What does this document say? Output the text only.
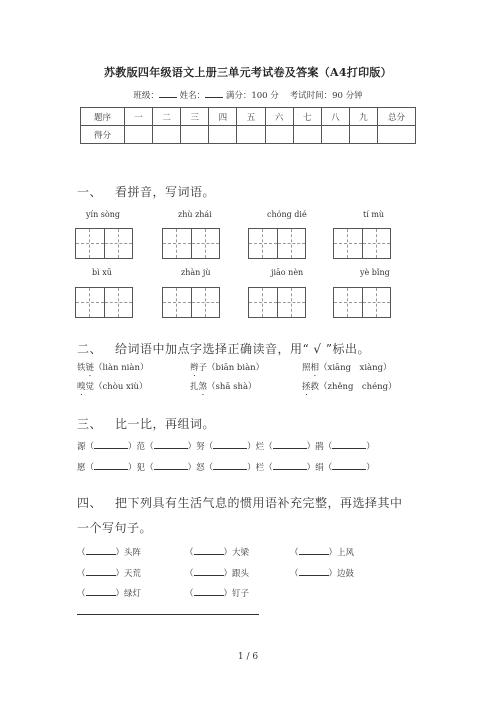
苏教版四年级语文上册三单元考试卷及答案（A4打印版）
班级： 姓名： 满分：100 分 考试时间：90 分钟
题序	一	二	三	四	五	六	七	八	九	总分
得分										
一、 看拼音，写词语。
yín sòng	zhù zhái	chóng dié	tí mù
bì xū	zhàn jù	jiāo nèn	yè bǐng
二、 给词语中加点字选择正确读音，用“ √ ”标出。
铁链（liàn niàn）	辫子（biān biàn）	照相（xiāng　xiàng）
嗅觉（chòu xiù）	扎煞（shā shà）	拯救（zhěng　chéng）
三、 比一比，再组词。
源（	）范（	）努（	）烂（	）鹃（	）
愿（	）犯（	）怒（	）栏（	）绢（	）
四、 把下列具有生活气息的惯用语补充完整，再选择其中
一个写句子。
（	）头阵	（	）大梁	（	）上风
（	）天荒	（	）跟头	（	）边鼓
（	）绿灯	（	）钉子
1 / 6
